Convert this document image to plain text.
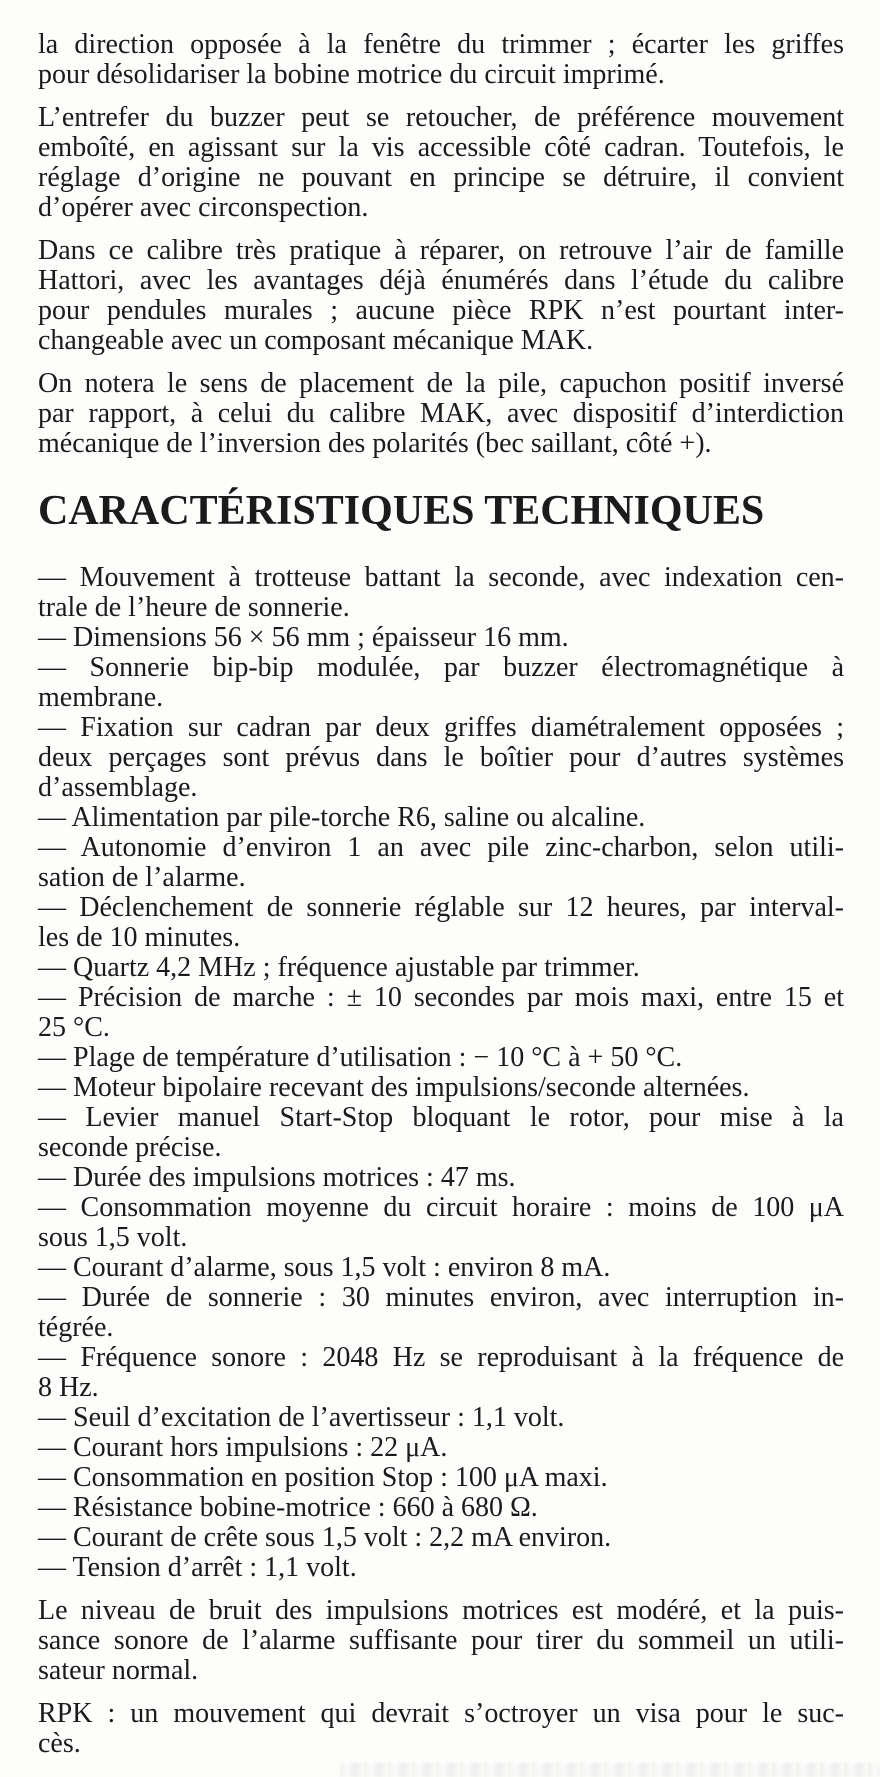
la direction opposée à la fenêtre du trimmer ; écarter les griffes
pour désolidariser la bobine motrice du circuit imprimé.
L’entrefer du buzzer peut se retoucher, de préférence mouvement
emboîté, en agissant sur la vis accessible côté cadran. Toutefois, le
réglage d’origine ne pouvant en principe se détruire, il convient
d’opérer avec circonspection.
Dans ce calibre très pratique à réparer, on retrouve l’air de famille
Hattori, avec les avantages déjà énumérés dans l’étude du calibre
pour pendules murales ; aucune pièce RPK n’est pourtant inter-
changeable avec un composant mécanique MAK.
On notera le sens de placement de la pile, capuchon positif inversé
par rapport, à celui du calibre MAK, avec dispositif d’interdiction
mécanique de l’inversion des polarités (bec saillant, côté +).
CARACTÉRISTIQUES TECHNIQUES
— Mouvement à trotteuse battant la seconde, avec indexation cen-
trale de l’heure de sonnerie.
— Dimensions 56 × 56 mm ; épaisseur 16 mm.
— Sonnerie bip-bip modulée, par buzzer électromagnétique à
membrane.
— Fixation sur cadran par deux griffes diamétralement opposées ;
deux perçages sont prévus dans le boîtier pour d’autres systèmes
d’assemblage.
— Alimentation par pile-torche R6, saline ou alcaline.
— Autonomie d’environ 1 an avec pile zinc-charbon, selon utili-
sation de l’alarme.
— Déclenchement de sonnerie réglable sur 12 heures, par interval-
les de 10 minutes.
— Quartz 4,2 MHz ; fréquence ajustable par trimmer.
— Précision de marche : ± 10 secondes par mois maxi, entre 15 et
25 °C.
— Plage de température d’utilisation : − 10 °C à + 50 °C.
— Moteur bipolaire recevant des impulsions/seconde alternées.
— Levier manuel Start-Stop bloquant le rotor, pour mise à la
seconde précise.
— Durée des impulsions motrices : 47 ms.
— Consommation moyenne du circuit horaire : moins de 100 μA
sous 1,5 volt.
— Courant d’alarme, sous 1,5 volt : environ 8 mA.
— Durée de sonnerie : 30 minutes environ, avec interruption in-
tégrée.
— Fréquence sonore : 2048 Hz se reproduisant à la fréquence de
8 Hz.
— Seuil d’excitation de l’avertisseur : 1,1 volt.
— Courant hors impulsions : 22 μA.
— Consommation en position Stop : 100 μA maxi.
— Résistance bobine-motrice : 660 à 680 Ω.
— Courant de crête sous 1,5 volt : 2,2 mA environ.
— Tension d’arrêt : 1,1 volt.
Le niveau de bruit des impulsions motrices est modéré, et la puis-
sance sonore de l’alarme suffisante pour tirer du sommeil un utili-
sateur normal.
RPK : un mouvement qui devrait s’octroyer un visa pour le suc-
cès.
